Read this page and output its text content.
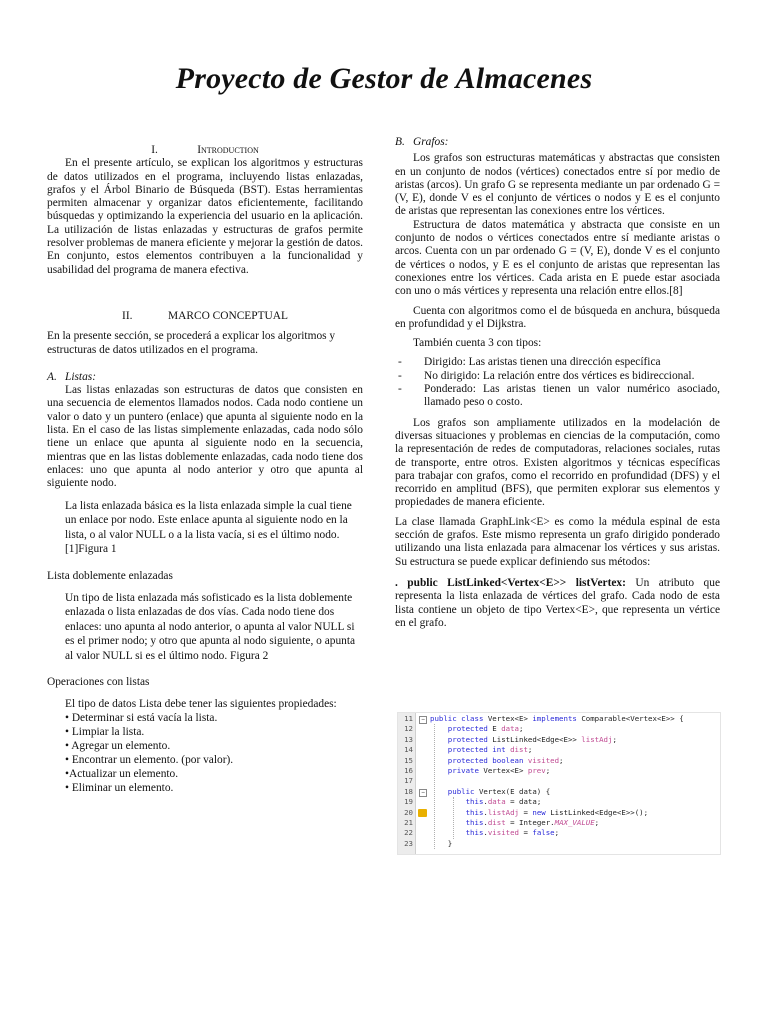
Proyecto de Gestor de Almacenes
I.	Introduction

En el presente artículo, se explican los algoritmos y estructuras de datos utilizados en el programa, incluyendo listas enlazadas, grafos y el Árbol Binario de Búsqueda (BST). Estas herramientas permiten almacenar y organizar datos eficientemente, facilitando búsquedas y optimizando la experiencia del usuario en la aplicación. La utilización de listas enlazadas y estructuras de grafos permite resolver problemas de manera eficiente y mejorar la gestión de datos. En conjunto, estos elementos contribuyen a la funcionalidad y usabilidad del programa de manera efectiva.

II.	MARCO CONCEPTUAL

En la presente sección, se procederá a explicar los algoritmos y estructuras de datos utilizados en el programa.

A. Listas:

Las listas enlazadas son estructuras de datos que consisten en una secuencia de elementos llamados nodos. Cada nodo contiene un valor o dato y un puntero (enlace) que apunta al siguiente nodo en la lista. En el caso de las listas simplemente enlazadas, cada nodo sólo tiene un enlace que apunta al siguiente nodo en la secuencia, mientras que en las listas doblemente enlazadas, cada nodo tiene dos enlaces: uno que apunta al nodo anterior y otro que apunta al siguiente nodo.

La lista enlazada básica es la lista enlazada simple la cual tiene un enlace por nodo. Este enlace apunta al siguiente nodo en la lista, o al valor NULL o a la lista vacía, si es el último nodo.[1]Figura 1

Lista doblemente enlazadas

Un tipo de lista enlazada más sofisticado es la lista doblemente enlazada o lista enlazadas de dos vías. Cada nodo tiene dos enlaces: uno apunta al nodo anterior, o apunta al valor NULL si es el primer nodo; y otro que apunta al nodo siguiente, o apunta al valor NULL si es el último nodo. Figura 2

Operaciones con listas

El tipo de datos Lista debe tener las siguientes propiedades:

• Determinar si está vacía la lista.
• Limpiar la lista.
• Agregar un elemento.
• Encontrar un elemento. (por valor).
•Actualizar un elemento.
• Eliminar un elemento.
B. Grafos:

Los grafos son estructuras matemáticas y abstractas que consisten en un conjunto de nodos (vértices) conectados entre sí por medio de aristas (arcos). Un grafo G se representa mediante un par ordenado G = (V, E), donde V es el conjunto de vértices o nodos y E es el conjunto de aristas que representan las conexiones entre los vértices.

Estructura de datos matemática y abstracta que consiste en un conjunto de nodos o vértices conectados entre sí mediante aristas o arcos. Cuenta con un par ordenado G = (V, E), donde V es el conjunto de vértices o nodos, y E es el conjunto de aristas que representan las conexiones entre los vértices. Cada arista en E puede estar asociada con uno o más vértices y representa una relación entre ellos.[8]

Cuenta con algoritmos como el de búsqueda en anchura, búsqueda en profundidad y el Dijkstra.

También cuenta 3 con tipos:

- Dirigido: Las aristas tienen una dirección específica
- No dirigido: La relación entre dos vértices es bidireccional.
- Ponderado: Las aristas tienen un valor numérico asociado, llamado peso o costo.

Los grafos son ampliamente utilizados en la modelación de diversas situaciones y problemas en ciencias de la computación, como la representación de redes de computadoras, relaciones sociales, rutas de transporte, entre otros. Existen algoritmos y técnicas específicas para trabajar con grafos, como el recorrido en profundidad (DFS) y el recorrido en amplitud (BFS), que permiten explorar sus elementos y propiedades de manera eficiente.

La clase llamada GraphLink<E> es como la médula espinal de esta sección de grafos. Este mismo representa un grafo dirigido ponderado utilizando una lista enlazada para almacenar los vértices y sus aristas. Su estructura se puede explicar definiendo sus métodos:

. public ListLinked<Vertex<E>> listVertex: Un atributo que representa la lista enlazada de vértices del grafo. Cada nodo de esta lista contiene un objeto de tipo Vertex<E>, que representa un vértice en el grafo.

11 public class Vertex<E> implements Comparable<Vertex<E>> {
12 protected E data;
13 protected ListLinked<Edge<E>> listAdj;
14 protected int dist;
15 protected boolean visited;
16 private Vertex<E> prev;
17
18 public Vertex(E data) {
19 this.data = data;
20 this.listAdj = new ListLinked<Edge<E>>();
21 this.dist = Integer.MAX_VALUE;
22 this.visited = false;
23 }
−
−
